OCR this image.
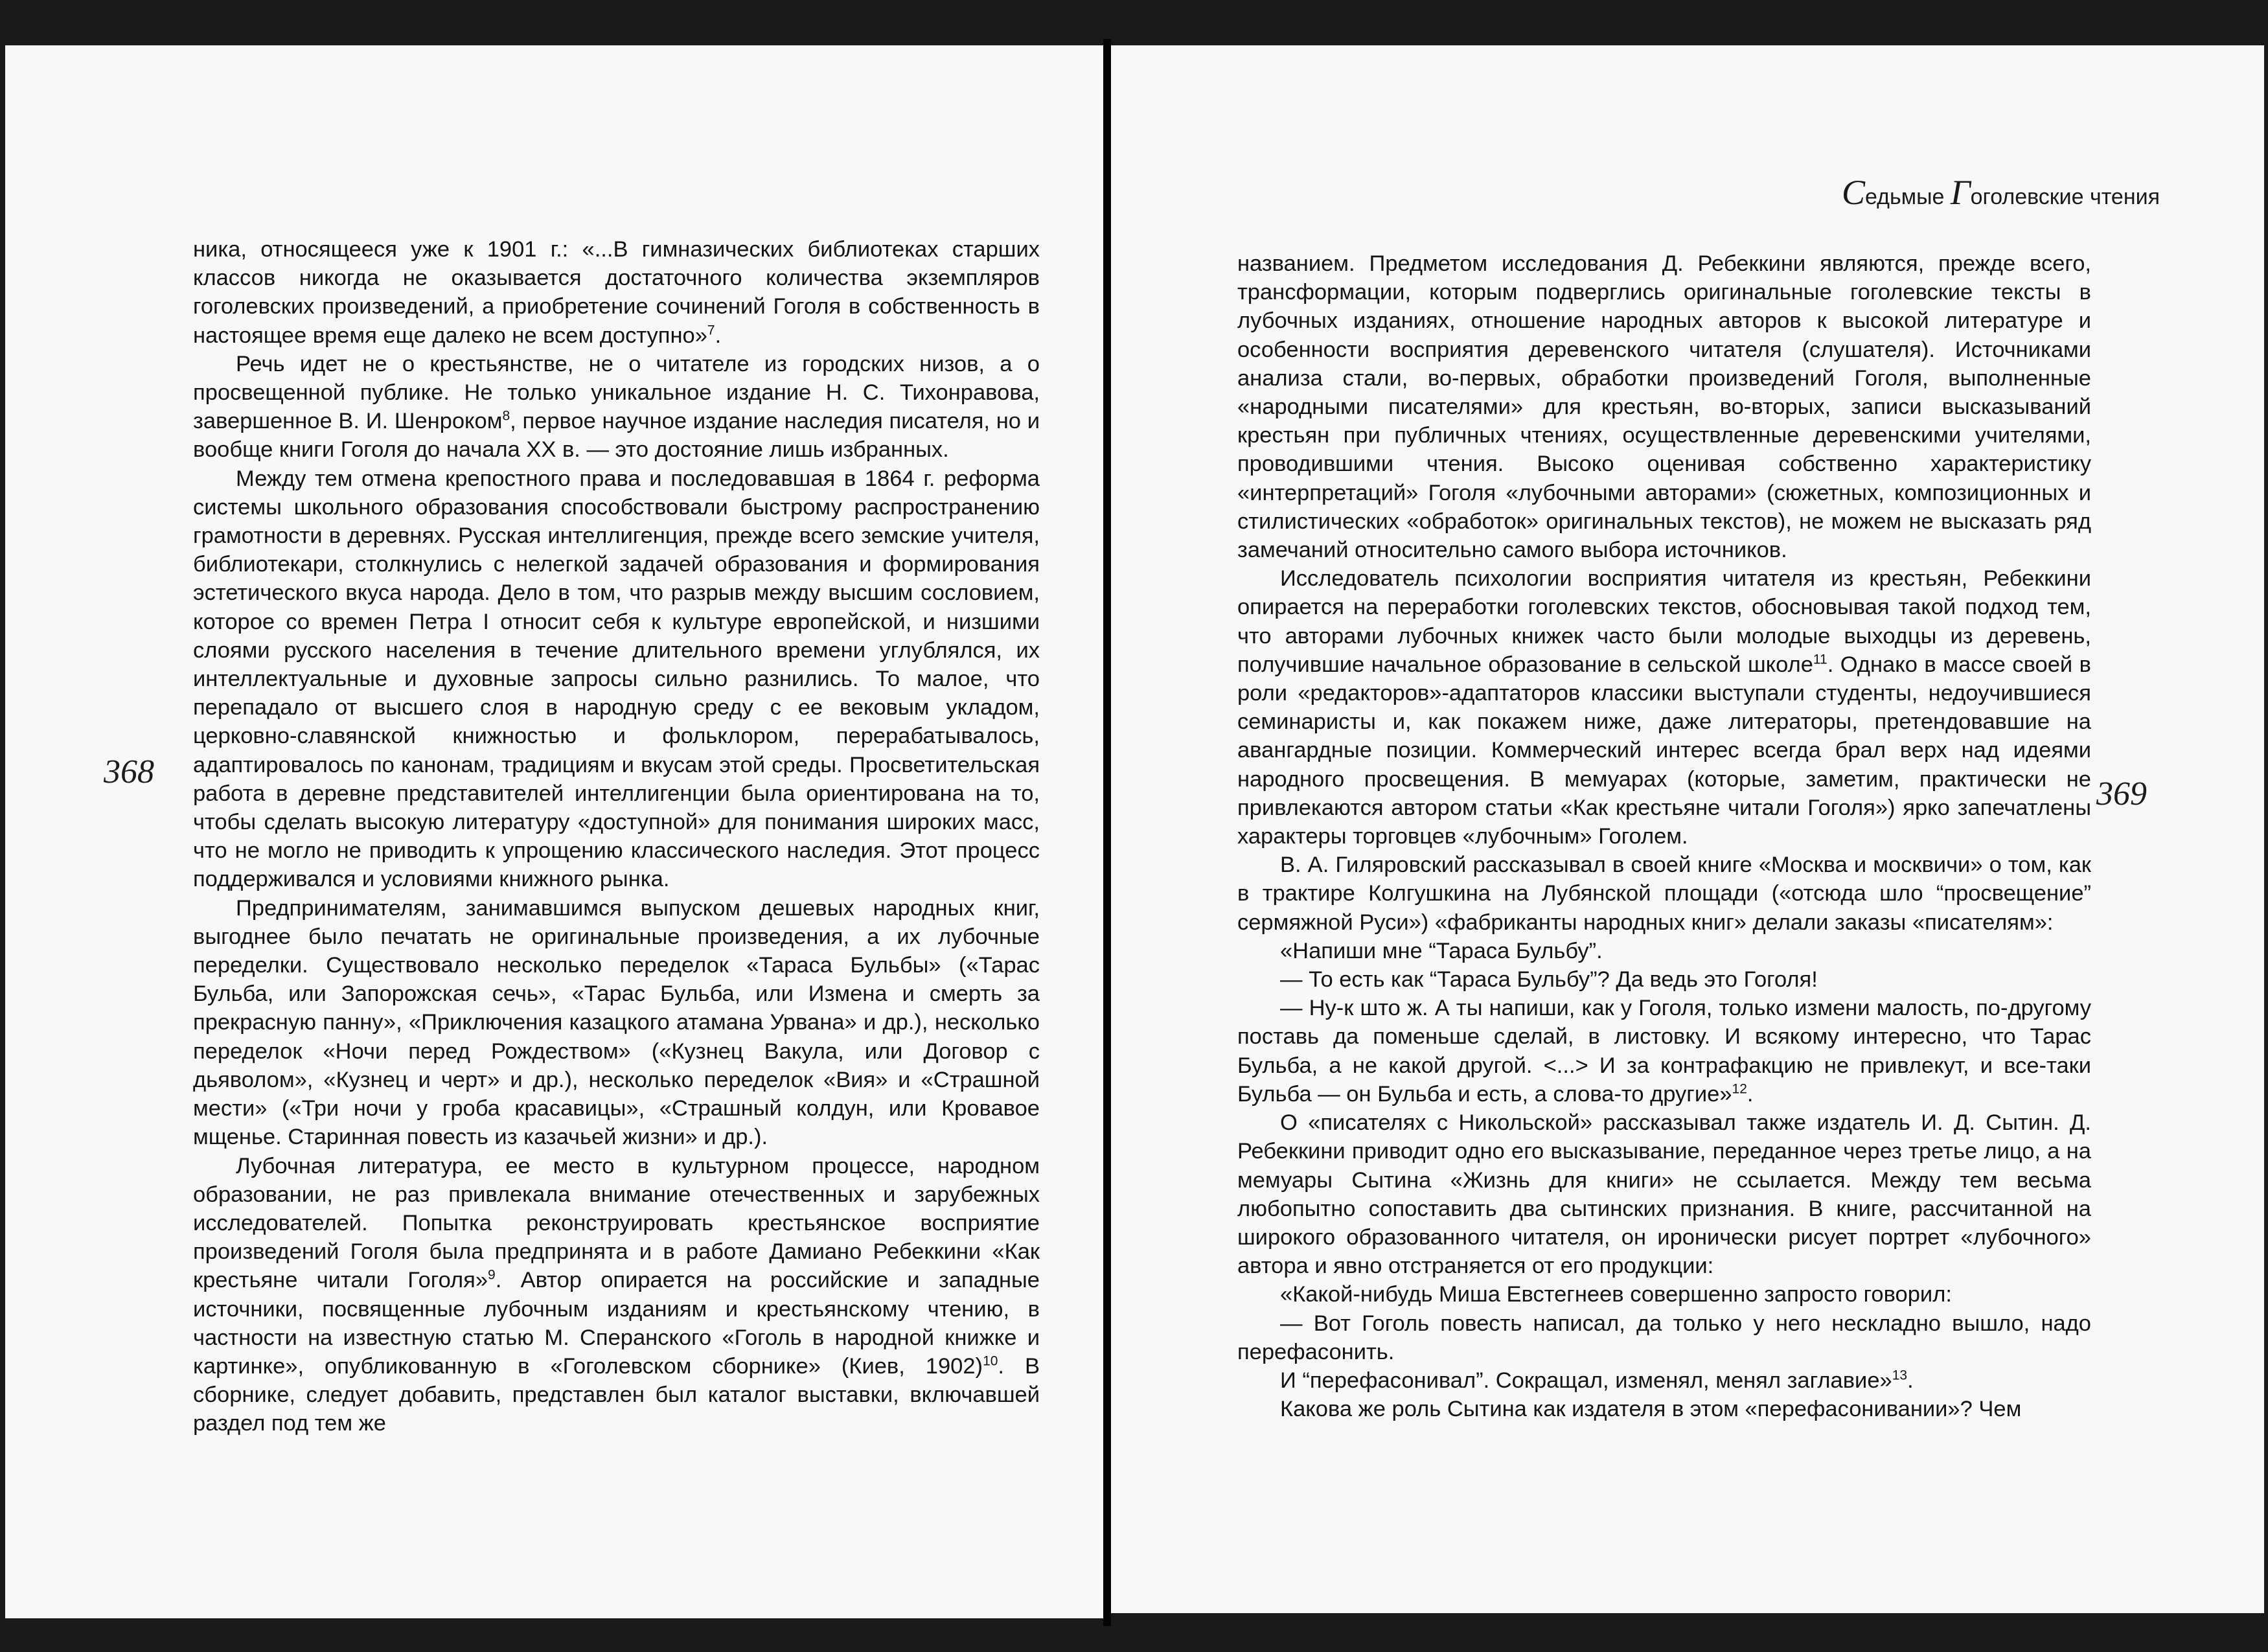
ника, относящееся уже к 1901 г.: «...В гимназических библиотеках старших классов никогда не оказывается достаточного количества экземпляров гоголевских произведений, а приобретение сочинений Гоголя в собственность в настоящее время еще далеко не всем доступно»$^7$.

Речь идет не о крестьянстве, не о читателе из городских низов, а о просвещенной публике. Не только уникальное издание Н. С. Тихонравова, завершенное В. И. Шенроком$^8$, первое научное издание наследия писателя, но и вообще книги Гоголя до начала XX в. — это достояние лишь избранных.

Между тем отмена крепостного права и последовавшая в 1864 г. реформа системы школьного образования способствовали быстрому распространению грамотности в деревнях. Русская интеллигенция, прежде всего земские учителя, библиотекари, столкнулись с нелегкой задачей образования и формирования эстетического вкуса народа. Дело в том, что разрыв между высшим сословием, которое со времен Петра I относит себя к культуре европейской, и низшими слоями русского населения в течение длительного времени углублялся, их интеллектуальные и духовные запросы сильно разнились. То малое, что перепадало от высшего слоя в народную среду с ее вековым укладом, церковно-славянской книжностью и фольклором, перерабатывалось, адаптировалось по канонам, традициям и вкусам этой среды. Просветительская работа в деревне представителей интеллигенции была ориентирована на то, чтобы сделать высокую литературу «доступной» для понимания широких масс, что не могло не приводить к упрощению классического наследия. Этот процесс поддерживался и условиями книжного рынка.

Предпринимателям, занимавшимся выпуском дешевых народных книг, выгоднее было печатать не оригинальные произведения, а их лубочные переделки. Существовало несколько переделок «Тараса Бульбы» («Тарас Бульба, или Запорожская сечь», «Тарас Бульба, или Измена и смерть за прекрасную панну», «Приключения казацкого атамана Урвана» и др.), несколько переделок «Ночи перед Рождеством» («Кузнец Вакула, или Договор с дьяволом», «Кузнец и черт» и др.), несколько переделок «Вия» и «Страшной мести» («Три ночи у гроба красавицы», «Страшный колдун, или Кровавое мщенье. Старинная повесть из казачьей жизни» и др.).

Лубочная литература, ее место в культурном процессе, народном образовании, не раз привлекала внимание отечественных и зарубежных исследователей. Попытка реконструировать крестьянское восприятие произведений Гоголя была предпринята и в работе Дамиано Ребеккини «Как крестьяне читали Гоголя»$^9$. Автор опирается на российские и западные источники, посвященные лубочным изданиям и крестьянскому чтению, в частности на известную статью М. Сперанского «Гоголь в народной книжке и картинке», опубликованную в «Гоголевском сборнике» (Киев, 1902)$^{10}$. В сборнике, следует добавить, представлен был каталог выставки, включавшей раздел под тем же

368
Седьмые Гоголевские чтения

названием. Предметом исследования Д. Ребеккини являются, прежде всего, трансформации, которым подверглись оригинальные гоголевские тексты в лубочных изданиях, отношение народных авторов к высокой литературе и особенности восприятия деревенского читателя (слушателя). Источниками анализа стали, во-первых, обработки произведений Гоголя, выполненные «народными писателями» для крестьян, во-вторых, записи высказываний крестьян при публичных чтениях, осуществленные деревенскими учителями, проводившими чтения. Высоко оценивая собственно характеристику «интерпретаций» Гоголя «лубочными авторами» (сюжетных, композиционных и стилистических «обработок» оригинальных текстов), не можем не высказать ряд замечаний относительно самого выбора источников.

Исследователь психологии восприятия читателя из крестьян, Ребеккини опирается на переработки гоголевских текстов, обосновывая такой подход тем, что авторами лубочных книжек часто были молодые выходцы из деревень, получившие начальное образование в сельской школе$^{11}$. Однако в массе своей в роли «редакторов»-адаптаторов классики выступали студенты, недоучившиеся семинаристы и, как покажем ниже, даже литераторы, претендовавшие на авангардные позиции. Коммерческий интерес всегда брал верх над идеями народного просвещения. В мемуарах (которые, заметим, практически не привлекаются автором статьи «Как крестьяне читали Гоголя») ярко запечатлены характеры торговцев «лубочным» Гоголем.

В. А. Гиляровский рассказывал в своей книге «Москва и москвичи» о том, как в трактире Колгушкина на Лубянской площади («отсюда шло “просвещение” сермяжной Руси») «фабриканты народных книг» делали заказы «писателям»:

«Напиши мне “Тараса Бульбу”.

— То есть как “Тараса Бульбу”? Да ведь это Гоголя!

— Ну-к што ж. А ты напиши, как у Гоголя, только измени малость, по-другому поставь да поменьше сделай, в листовку. И всякому интересно, что Тарас Бульба, а не какой другой. <...> И за контрафакцию не привлекут, и все-таки Бульба — он Бульба и есть, а слова-то другие»$^{12}$.

О «писателях с Никольской» рассказывал также издатель И. Д. Сытин. Д. Ребеккини приводит одно его высказывание, переданное через третье лицо, а на мемуары Сытина «Жизнь для книги» не ссылается. Между тем весьма любопытно сопоставить два сытинских признания. В книге, рассчитанной на широкого образованного читателя, он иронически рисует портрет «лубочного» автора и явно отстраняется от его продукции:

«Какой-нибудь Миша Евстегнеев совершенно запросто говорил:

— Вот Гоголь повесть написал, да только у него нескладно вышло, надо перефасонить.

И “перефасонивал”. Сокращал, изменял, менял заглавие»$^{13}$.

Какова же роль Сытина как издателя в этом «перефасонивании»? Чем

369
